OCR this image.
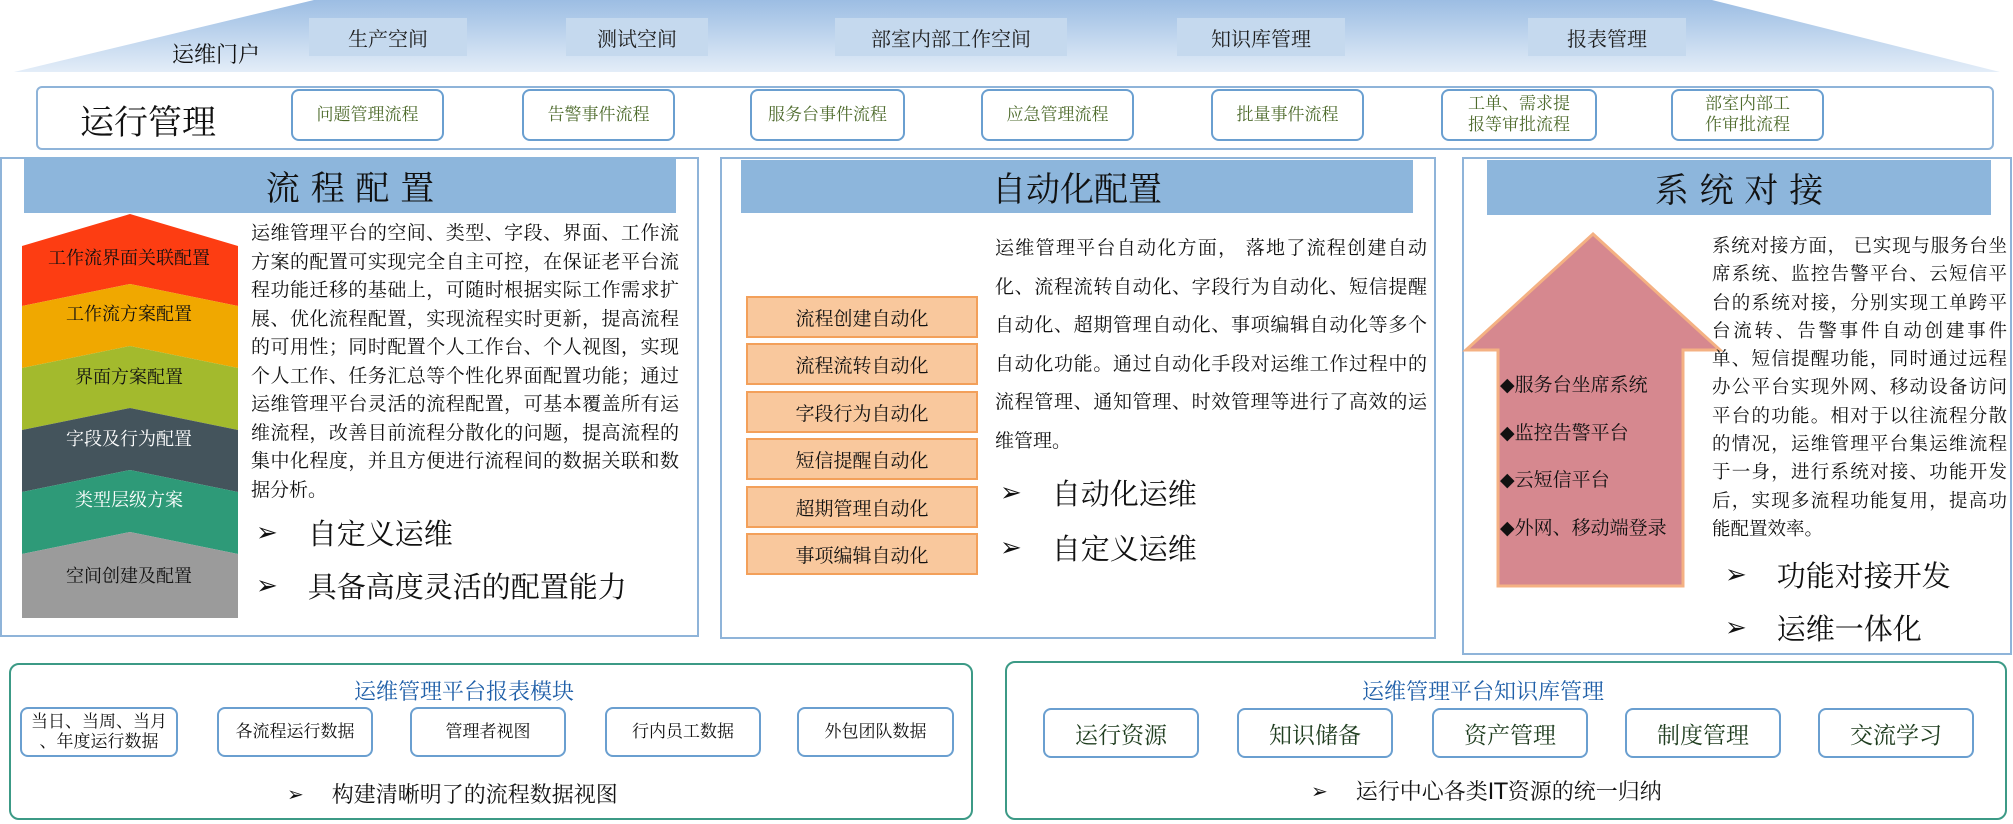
运维门户
生产空间	测试空间	部室内部工作空间	知识库管理	报表管理
运行管理	问题管理流程	告警事件流程	服务台事件流程	应急管理流程	批量事件流程
工单、需求提
报等审批流程
部室内部工
作审批流程
流 程 配 置
工作流界面关联配置
工作流方案配置
界面方案配置
字段及行为配置
类型层级方案
空间创建及配置
运维管理平台的空间、类型、字段、界面、工作流方案的配置可实现完全自主可控，在保证老平台流程功能迁移的基础上，可随时根据实际工作需求扩展、优化流程配置，实现流程实时更新，提高流程的可用性；同时配置个人工作台、个人视图，实现个人工作、任务汇总等个性化界面配置功能；通过运维管理平台灵活的流程配置，可基本覆盖所有运维流程，改善目前流程分散化的问题，提高流程的集中化程度，并且方便进行流程间的数据关联和数据分析。
➢ 自定义运维
➢ 具备高度灵活的配置能力
自动化配置
流程创建自动化
流程流转自动化
字段行为自动化
短信提醒自动化
超期管理自动化
事项编辑自动化
运维管理平台自动化方面， 落地了流程创建自动化、流程流转自动化、字段行为自动化、短信提醒自动化、超期管理自动化、事项编辑自动化等多个自动化功能。通过自动化手段对运维工作过程中的流程管理、通知管理、时效管理等进行了高效的运维管理。
➢ 自动化运维
➢ 自定义运维
系 统 对 接
◆服务台坐席系统
◆监控告警平台
◆云短信平台
◆外网、移动端登录
系统对接方面， 已实现与服务台坐席系统、监控告警平台、云短信平台的系统对接，分别实现工单跨平台流转、告警事件自动创建事件单、短信提醒功能，同时通过远程办公平台实现外网、移动设备访问平台的功能。相对于以往流程分散的情况，运维管理平台集运维流程于一身，进行系统对接、功能开发后，实现多流程功能复用，提高功能配置效率。
➢ 功能对接开发
➢ 运维一体化
运维管理平台报表模块
当日、当周、当月
、年度运行数据	各流程运行数据	管理者视图	行内员工数据	外包团队数据
➢ 构建清晰明了的流程数据视图
运维管理平台知识库管理
运行资源	知识储备	资产管理	制度管理	交流学习
➢ 运行中心各类IT资源的统一归纳
